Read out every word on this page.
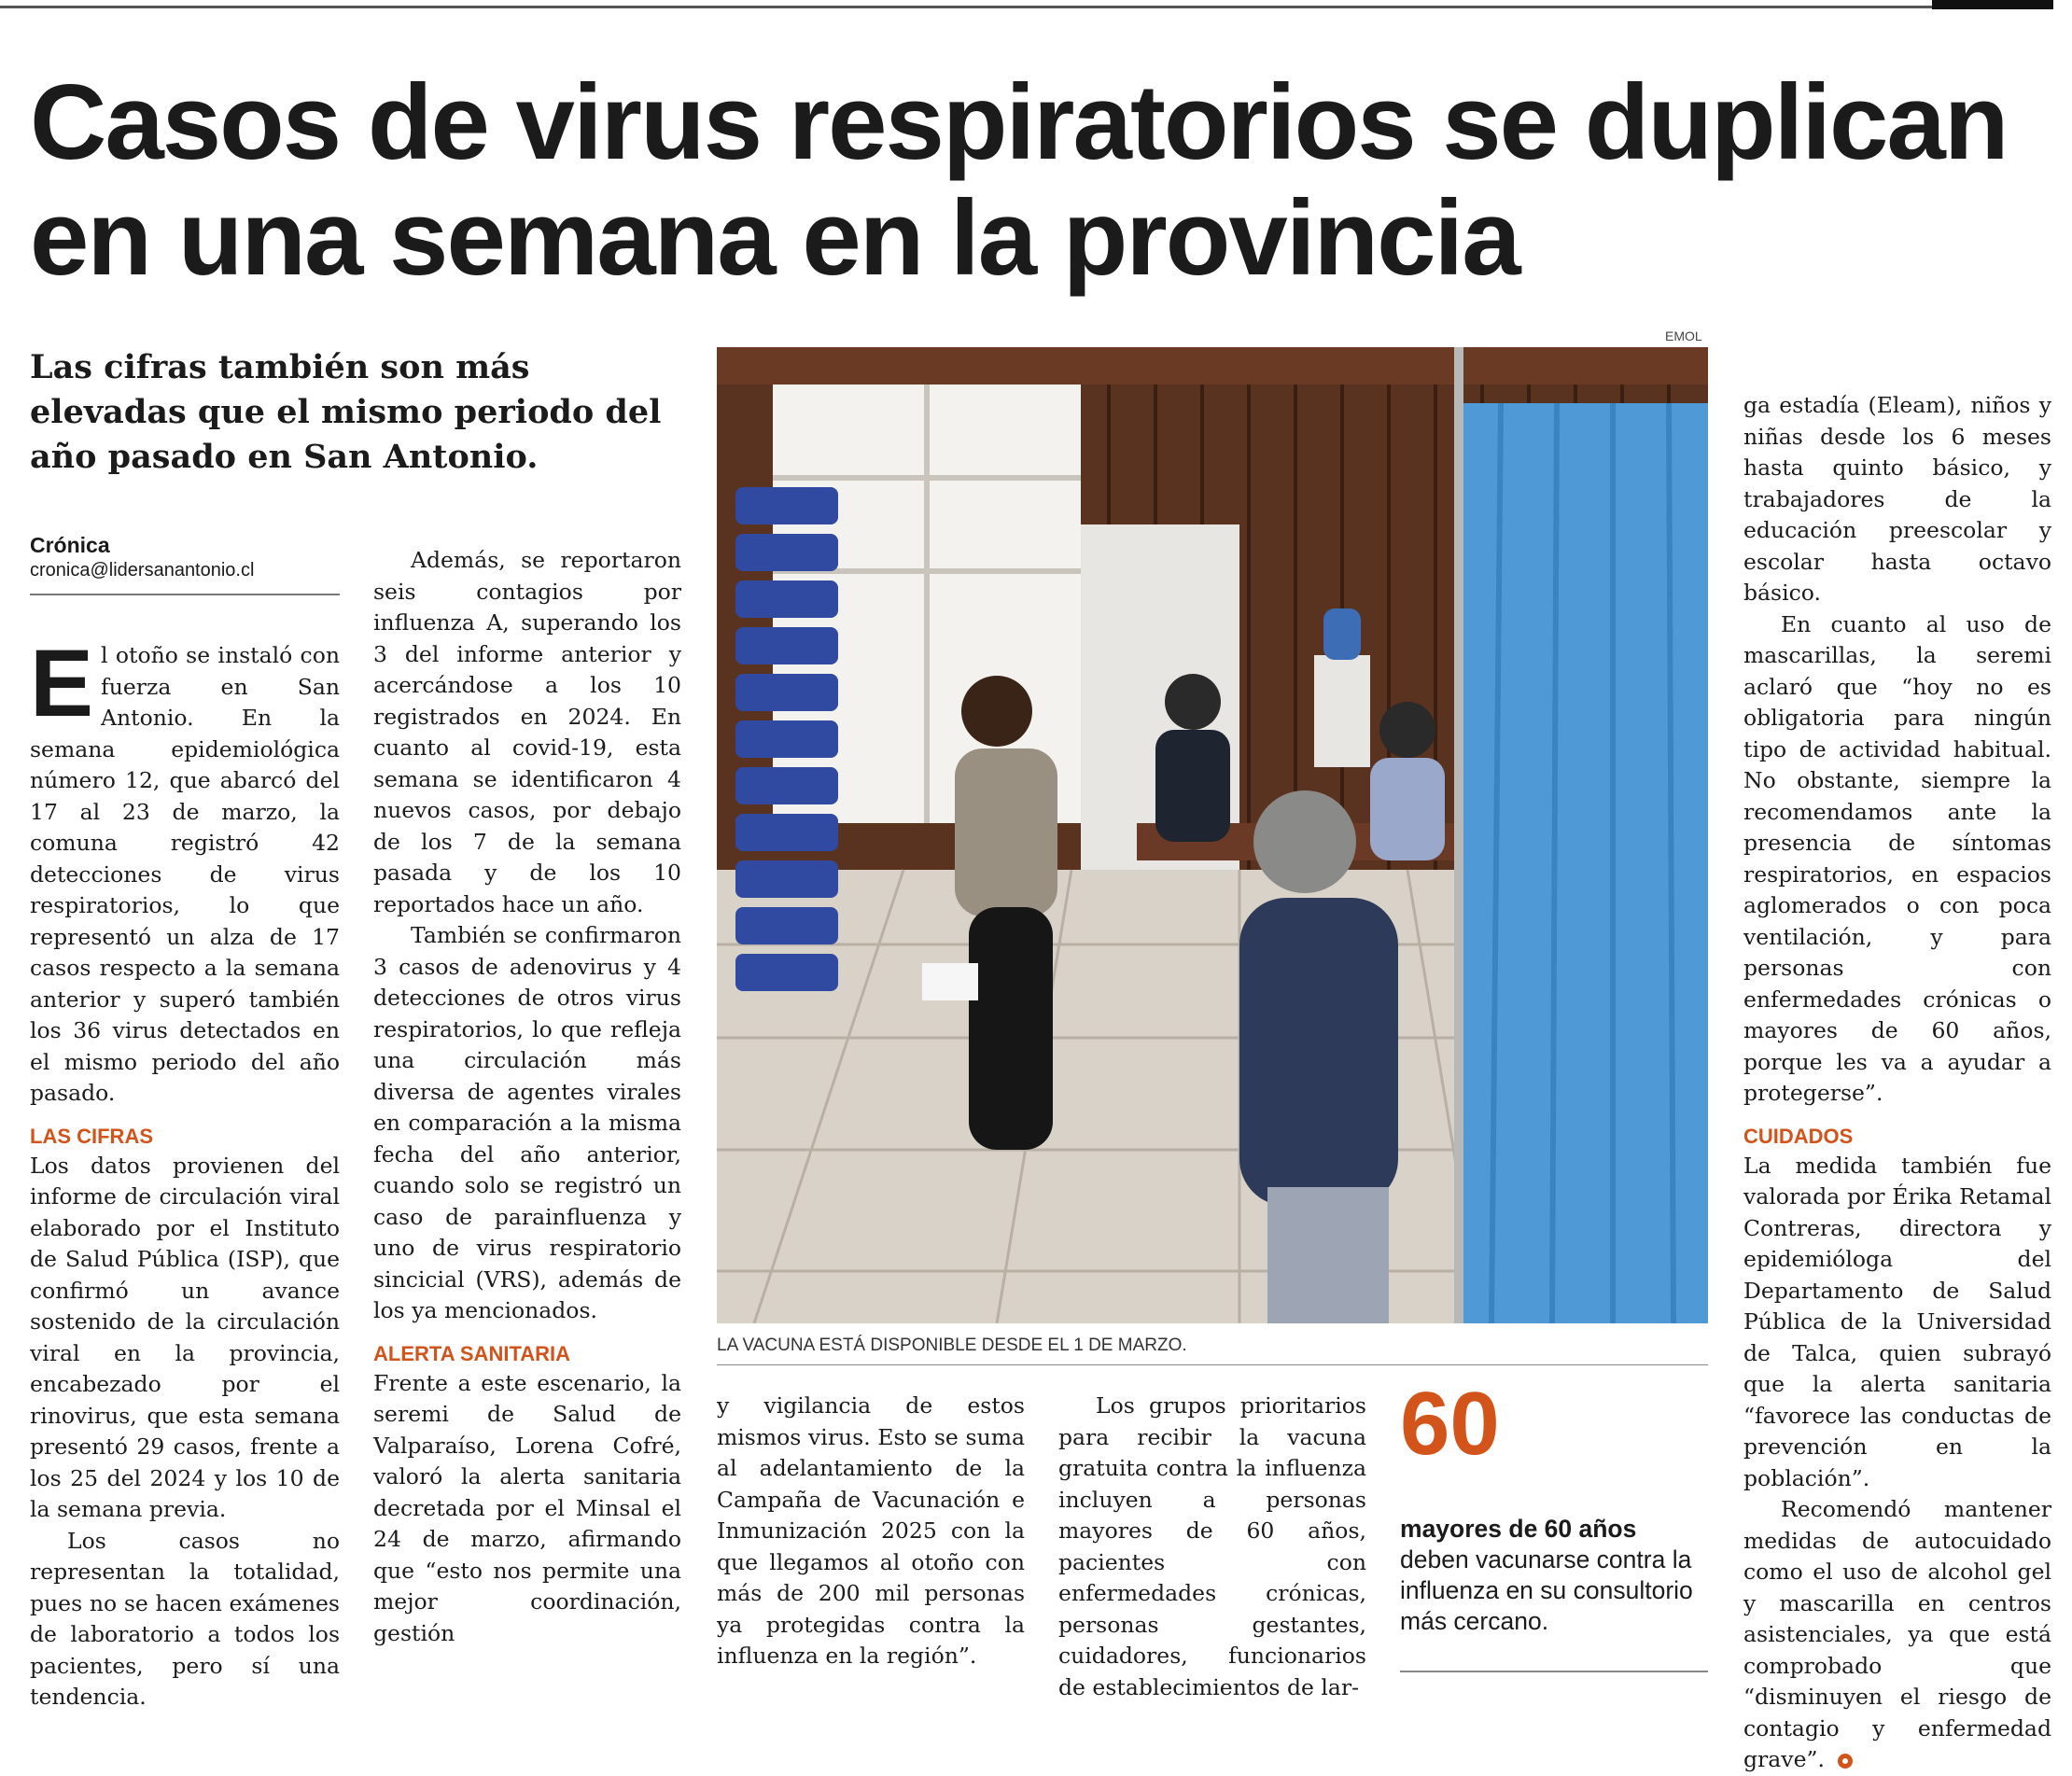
Casos de virus respiratorios se duplican en una semana en la provincia
Las cifras también son más elevadas que el mismo periodo del año pasado en San Antonio.
Crónica
cronica@lidersanantonio.cl

El otoño se instaló con fuerza en San Antonio. En la semana epidemiológica número 12, que abarcó del 17 al 23 de marzo, la comuna registró 42 detecciones de virus respiratorios, lo que representó un alza de 17 casos respecto a la semana anterior y superó también los 36 virus detectados en el mismo periodo del año pasado.

LAS CIFRAS

Los datos provienen del informe de circulación viral elaborado por el Instituto de Salud Pública (ISP), que confirmó un avance sostenido de la circulación viral en la provincia, encabezado por el rinovirus, que esta semana presentó 29 casos, frente a los 25 del 2024 y los 10 de la semana previa.

Los casos no representan la totalidad, pues no se hacen exámenes de laboratorio a todos los pacientes, pero sí una tendencia.

Además, se reportaron seis contagios por influenza A, superando los 3 del informe anterior y acercándose a los 10 registrados en 2024. En cuanto al covid-19, esta semana se identificaron 4 nuevos casos, por debajo de los 7 de la semana pasada y de los 10 reportados hace un año.

También se confirmaron 3 casos de adenovirus y 4 detecciones de otros virus respiratorios, lo que refleja una circulación más diversa de agentes virales en comparación a la misma fecha del año anterior, cuando solo se registró un caso de parainfluenza y uno de virus respiratorio sincicial (VRS), además de los ya mencionados.

ALERTA SANITARIA

Frente a este escenario, la seremi de Salud de Valparaíso, Lorena Cofré, valoró la alerta sanitaria decretada por el Minsal el 24 de marzo, afirmando que “esto nos permite una mejor coordinación, gestión

EMOL
LA VACUNA ESTÁ DISPONIBLE DESDE EL 1 DE MARZO.

y vigilancia de estos mismos virus. Esto se suma al adelantamiento de la Campaña de Vacunación e Inmunización 2025 con la que llegamos al otoño con más de 200 mil personas ya protegidas contra la influenza en la región”.

Los grupos prioritarios para recibir la vacuna gratuita contra la influenza incluyen a personas mayores de 60 años, pacientes con enfermedades crónicas, personas gestantes, cuidadores, funcionarios de establecimientos de lar-

60
mayores de 60 años deben vacunarse contra la influenza en su consultorio más cercano.

ga estadía (Eleam), niños y niñas desde los 6 meses hasta quinto básico, y trabajadores de la educación preescolar y escolar hasta octavo básico.

En cuanto al uso de mascarillas, la seremi aclaró que “hoy no es obligatoria para ningún tipo de actividad habitual. No obstante, siempre la recomendamos ante la presencia de síntomas respiratorios, en espacios aglomerados o con poca ventilación, y para personas con enfermedades crónicas o mayores de 60 años, porque les va a ayudar a protegerse”.

CUIDADOS

La medida también fue valorada por Érika Retamal Contreras, directora y epidemióloga del Departamento de Salud Pública de la Universidad de Talca, quien subrayó que la alerta sanitaria “favorece las conductas de prevención en la población”.

Recomendó mantener medidas de autocuidado como el uso de alcohol gel y mascarilla en centros asistenciales, ya que está comprobado que “disminuyen el riesgo de contagio y enfermedad grave”.
